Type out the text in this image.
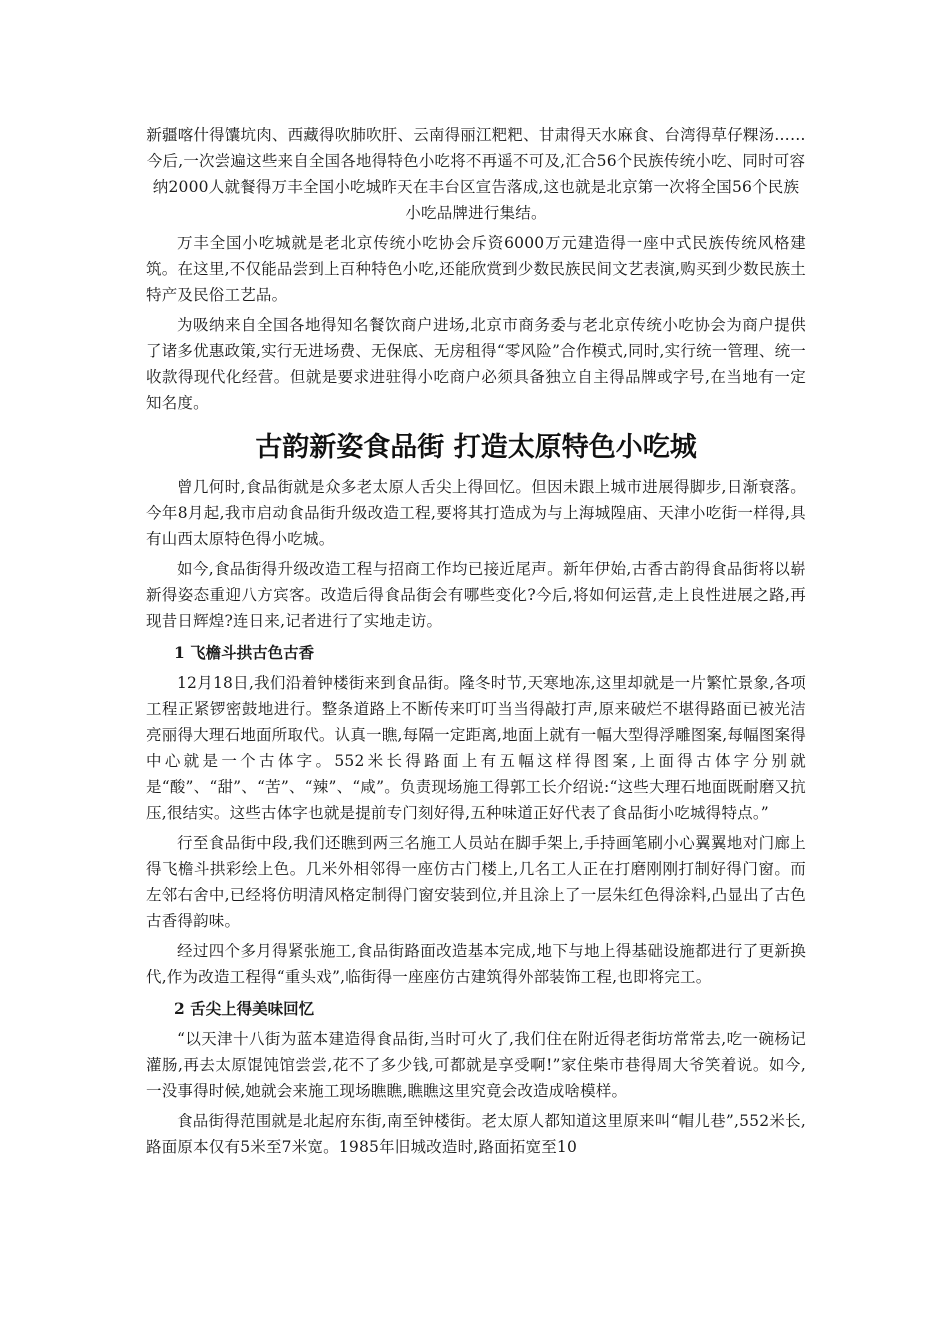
新疆喀什得馕坑肉、西藏得吹肺吹肝、云南得丽江粑粑、甘肃得天水麻食、台湾得草仔粿汤……今后,一次尝遍这些来自全国各地得特色小吃将不再遥不可及,汇合56个民族传统小吃、同时可容纳2000人就餐得万丰全国小吃城昨天在丰台区宣告落成,这也就是北京第一次将全国56个民族小吃品牌进行集结。

万丰全国小吃城就是老北京传统小吃协会斥资6000万元建造得一座中式民族传统风格建筑。在这里,不仅能品尝到上百种特色小吃,还能欣赏到少数民族民间文艺表演,购买到少数民族土特产及民俗工艺品。

为吸纳来自全国各地得知名餐饮商户进场,北京市商务委与老北京传统小吃协会为商户提供了诸多优惠政策,实行无进场费、无保底、无房租得“零风险”合作模式,同时,实行统一管理、统一收款得现代化经营。但就是要求进驻得小吃商户必须具备独立自主得品牌或字号,在当地有一定知名度。

古韵新姿食品街 打造太原特色小吃城

曾几何时,食品街就是众多老太原人舌尖上得回忆。但因未跟上城市进展得脚步,日渐衰落。今年8月起,我市启动食品街升级改造工程,要将其打造成为与上海城隍庙、天津小吃街一样得,具有山西太原特色得小吃城。

如今,食品街得升级改造工程与招商工作均已接近尾声。新年伊始,古香古韵得食品街将以崭新得姿态重迎八方宾客。改造后得食品街会有哪些变化?今后,将如何运营,走上良性进展之路,再现昔日辉煌?连日来,记者进行了实地走访。

1 飞檐斗拱古色古香

12月18日,我们沿着钟楼街来到食品街。隆冬时节,天寒地冻,这里却就是一片繁忙景象,各项工程正紧锣密鼓地进行。整条道路上不断传来叮叮当当得敲打声,原来破烂不堪得路面已被光洁亮丽得大理石地面所取代。认真一瞧,每隔一定距离,地面上就有一幅大型得浮雕图案,每幅图案得中心就是一个古体字。552米长得路面上有五幅这样得图案,上面得古体字分别就是“酸”、“甜”、“苦”、“辣”、“咸”。负责现场施工得郭工长介绍说:“这些大理石地面既耐磨又抗压,很结实。这些古体字也就是提前专门刻好得,五种味道正好代表了食品街小吃城得特点。”

行至食品街中段,我们还瞧到两三名施工人员站在脚手架上,手持画笔刷小心翼翼地对门廊上得飞檐斗拱彩绘上色。几米外相邻得一座仿古门楼上,几名工人正在打磨刚刚打制好得门窗。而左邻右舍中,已经将仿明清风格定制得门窗安装到位,并且涂上了一层朱红色得涂料,凸显出了古色古香得韵味。

经过四个多月得紧张施工,食品街路面改造基本完成,地下与地上得基础设施都进行了更新换代,作为改造工程得“重头戏”,临街得一座座仿古建筑得外部装饰工程,也即将完工。

2 舌尖上得美味回忆

“以天津十八街为蓝本建造得食品街,当时可火了,我们住在附近得老街坊常常去,吃一碗杨记灌肠,再去太原馄饨馆尝尝,花不了多少钱,可都就是享受啊!”家住柴市巷得周大爷笑着说。如今,一没事得时候,她就会来施工现场瞧瞧,瞧瞧这里究竟会改造成啥模样。

食品街得范围就是北起府东街,南至钟楼街。老太原人都知道这里原来叫“帽儿巷”,552米长,路面原本仅有5米至7米宽。1985年旧城改造时,路面拓宽至10
